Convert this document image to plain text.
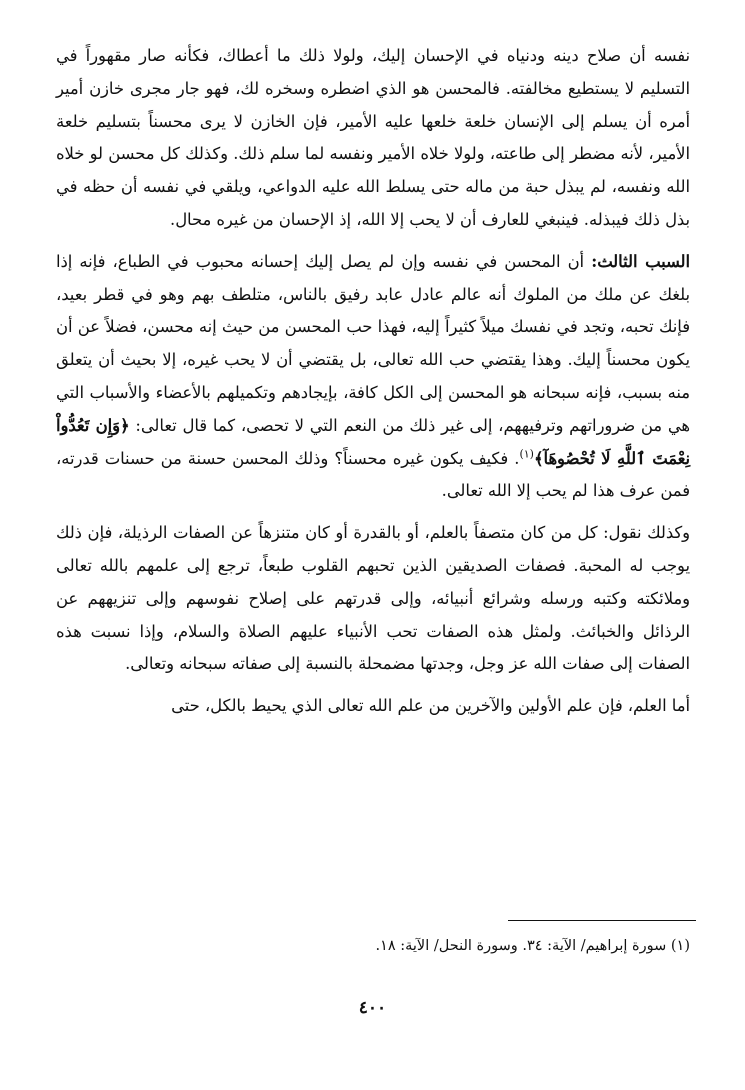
نفسه أن صلاح دينه ودنياه في الإحسان إليك، ولولا ذلك ما أعطاك، فكأنه صار مقهوراً في التسليم لا يستطيع مخالفته. فالمحسن هو الذي اضطره وسخره لك، فهو جار مجرى خازن أمير أمره أن يسلم إلى الإنسان خلعة خلعها عليه الأمير، فإن الخازن لا يرى محسناً بتسليم خلعة الأمير، لأنه مضطر إلى طاعته، ولولا خلاه الأمير ونفسه لما سلم ذلك. وكذلك كل محسن لو خلاه الله ونفسه، لم يبذل حبة من ماله حتى يسلط الله عليه الدواعي، ويلقي في نفسه أن حظه في بذل ذلك فيبذله. فينبغي للعارف أن لا يحب إلا الله، إذ الإحسان من غيره محال.

السبب الثالث: أن المحسن في نفسه وإن لم يصل إليك إحسانه محبوب في الطباع، فإنه إذا بلغك عن ملك من الملوك أنه عالم عادل عابد رفيق بالناس، متلطف بهم وهو في قطر بعيد، فإنك تحبه، وتجد في نفسك ميلاً كثيراً إليه، فهذا حب المحسن من حيث إنه محسن، فضلاً عن أن يكون محسناً إليك. وهذا يقتضي حب الله تعالى، بل يقتضي أن لا يحب غيره، إلا بحيث أن يتعلق منه بسبب، فإنه سبحانه هو المحسن إلى الكل كافة، بإيجادهم وتكميلهم بالأعضاء والأسباب التي هي من ضروراتهم وترفيههم، إلى غير ذلك من النعم التي لا تحصى، كما قال تعالى: ﴿وَإِن تَعُدُّواْ نِعْمَتَ ٱللَّهِ لَا تُحْصُوهَآ﴾$^{(١)}$. فكيف يكون غيره محسناً؟ وذلك المحسن حسنة من حسنات قدرته، فمن عرف هذا لم يحب إلا الله تعالى.

وكذلك نقول: كل من كان متصفاً بالعلم، أو بالقدرة أو كان متنزهاً عن الصفات الرذيلة، فإن ذلك يوجب له المحبة. فصفات الصديقين الذين تحبهم القلوب طبعاً، ترجع إلى علمهم بالله تعالى وملائكته وكتبه ورسله وشرائع أنبيائه، وإلى قدرتهم على إصلاح نفوسهم وإلى تنزيههم عن الرذائل والخبائث. ولمثل هذه الصفات تحب الأنبياء عليهم الصلاة والسلام، وإذا نسبت هذه الصفات إلى صفات الله عز وجل، وجدتها مضمحلة بالنسبة إلى صفاته سبحانه وتعالى.

أما العلم، فإن علم الأولين والآخرين من علم الله تعالى الذي يحيط بالكل، حتى

(١) سورة إبراهيم/ الآية: ٣٤. وسورة النحل/ الآية: ١٨.

٤٠٠
